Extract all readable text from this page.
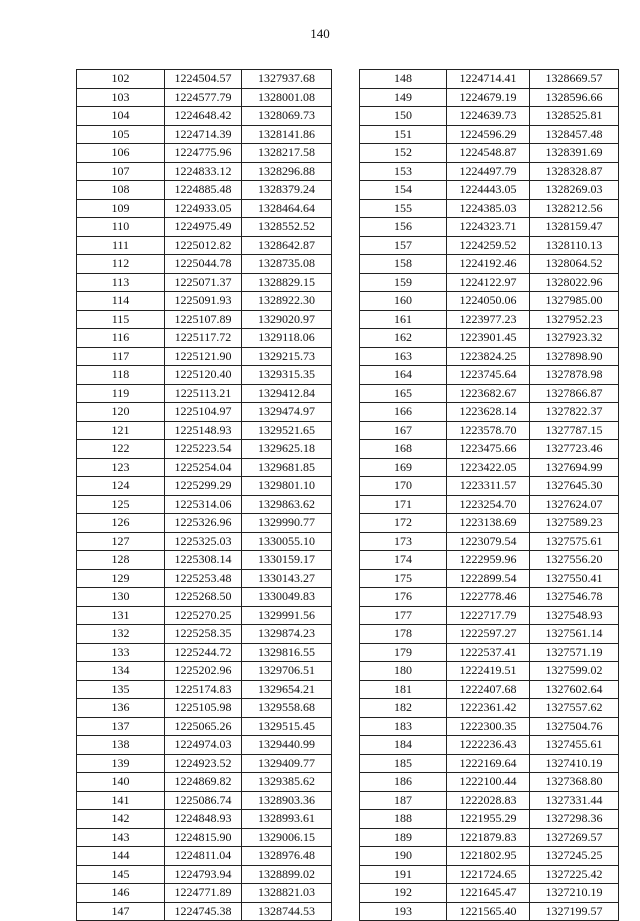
140
102	1224504.57	1327937.68
103	1224577.79	1328001.08
104	1224648.42	1328069.73
105	1224714.39	1328141.86
106	1224775.96	1328217.58
107	1224833.12	1328296.88
108	1224885.48	1328379.24
109	1224933.05	1328464.64
110	1224975.49	1328552.52
111	1225012.82	1328642.87
112	1225044.78	1328735.08
113	1225071.37	1328829.15
114	1225091.93	1328922.30
115	1225107.89	1329020.97
116	1225117.72	1329118.06
117	1225121.90	1329215.73
118	1225120.40	1329315.35
119	1225113.21	1329412.84
120	1225104.97	1329474.97
121	1225148.93	1329521.65
122	1225223.54	1329625.18
123	1225254.04	1329681.85
124	1225299.29	1329801.10
125	1225314.06	1329863.62
126	1225326.96	1329990.77
127	1225325.03	1330055.10
128	1225308.14	1330159.17
129	1225253.48	1330143.27
130	1225268.50	1330049.83
131	1225270.25	1329991.56
132	1225258.35	1329874.23
133	1225244.72	1329816.55
134	1225202.96	1329706.51
135	1225174.83	1329654.21
136	1225105.98	1329558.68
137	1225065.26	1329515.45
138	1224974.03	1329440.99
139	1224923.52	1329409.77
140	1224869.82	1329385.62
141	1225086.74	1328903.36
142	1224848.93	1328993.61
143	1224815.90	1329006.15
144	1224811.04	1328976.48
145	1224793.94	1328899.02
146	1224771.89	1328821.03
147	1224745.38	1328744.53
148	1224714.41	1328669.57
149	1224679.19	1328596.66
150	1224639.73	1328525.81
151	1224596.29	1328457.48
152	1224548.87	1328391.69
153	1224497.79	1328328.87
154	1224443.05	1328269.03
155	1224385.03	1328212.56
156	1224323.71	1328159.47
157	1224259.52	1328110.13
158	1224192.46	1328064.52
159	1224122.97	1328022.96
160	1224050.06	1327985.00
161	1223977.23	1327952.23
162	1223901.45	1327923.32
163	1223824.25	1327898.90
164	1223745.64	1327878.98
165	1223682.67	1327866.87
166	1223628.14	1327822.37
167	1223578.70	1327787.15
168	1223475.66	1327723.46
169	1223422.05	1327694.99
170	1223311.57	1327645.30
171	1223254.70	1327624.07
172	1223138.69	1327589.23
173	1223079.54	1327575.61
174	1222959.96	1327556.20
175	1222899.54	1327550.41
176	1222778.46	1327546.78
177	1222717.79	1327548.93
178	1222597.27	1327561.14
179	1222537.41	1327571.19
180	1222419.51	1327599.02
181	1222407.68	1327602.64
182	1222361.42	1327557.62
183	1222300.35	1327504.76
184	1222236.43	1327455.61
185	1222169.64	1327410.19
186	1222100.44	1327368.80
187	1222028.83	1327331.44
188	1221955.29	1327298.36
189	1221879.83	1327269.57
190	1221802.95	1327245.25
191	1221724.65	1327225.42
192	1221645.47	1327210.19
193	1221565.40	1327199.57
